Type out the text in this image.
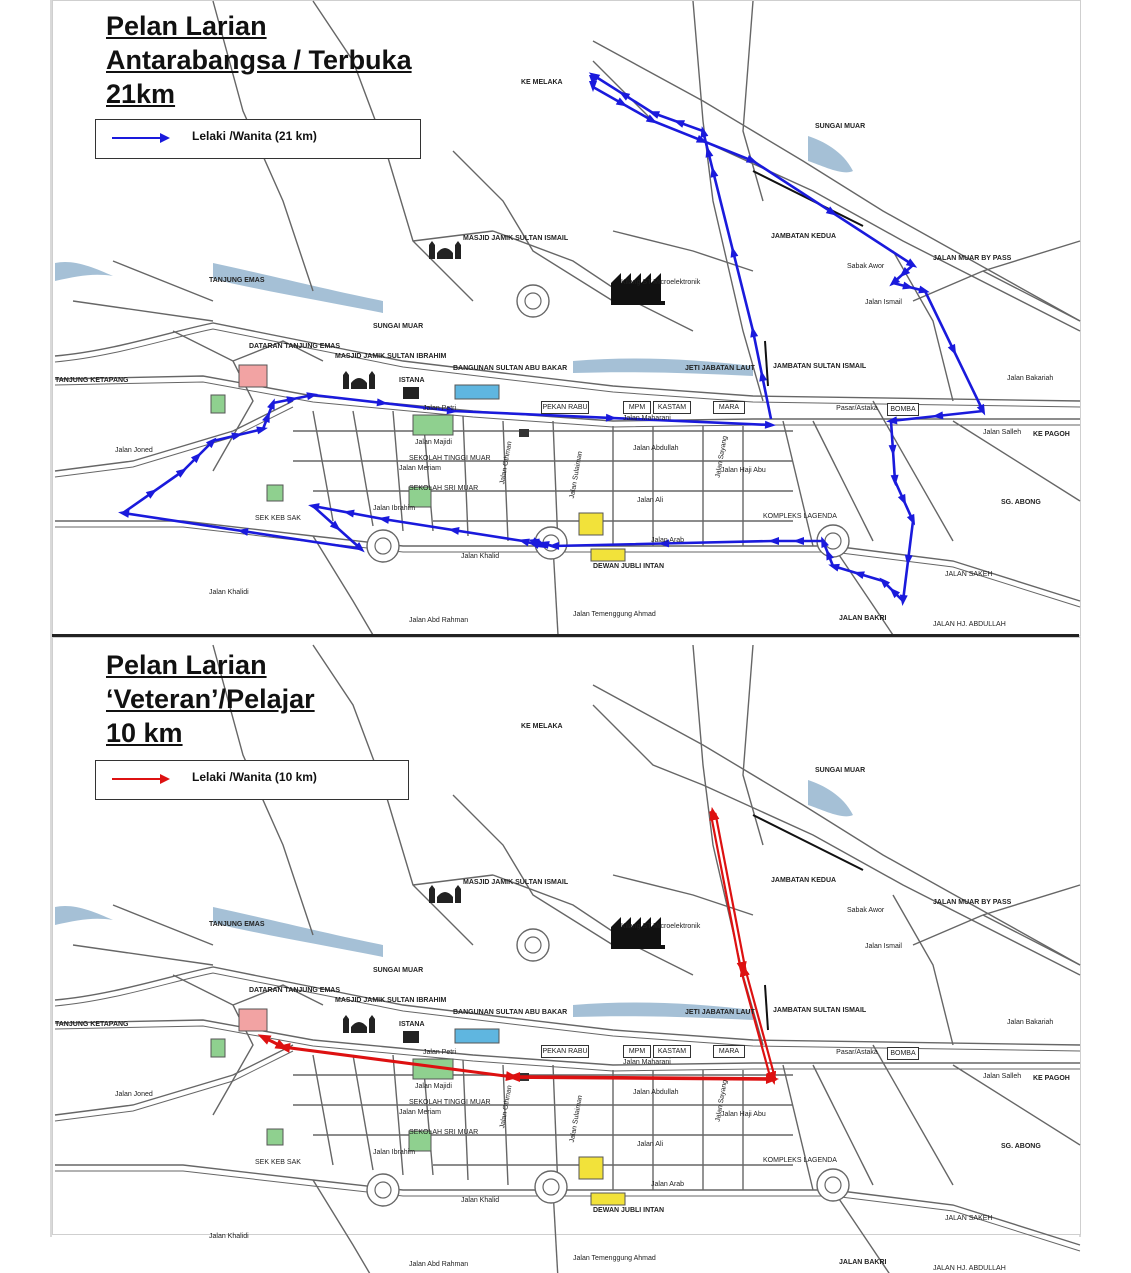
Pelan Larian
Antarabangsa / Terbuka
21km
Lelaki /Wanita (21 km)
KE MELAKA
SUNGAI MUAR
JAMBATAN KEDUA
JALAN MUAR BY PASS
Sabak Awor
Jalan Ismail
JAMBATAN SULTAN ISMAIL
Jalan Bakariah
Jalan Salleh KE PAGOH
SG. ABONG
JALAN SAKEH
JALAN BAKRI
JALAN HJ. ABDULLAH
Jalan Temenggung Ahmad
Jalan Abd Rahman
Jalan Khalidi
Jalan Joned
TANJUNG KETAPANG
TANJUNG EMAS
SUNGAI MUAR
DATARAN TANJUNG EMAS
MASJID JAMIK SULTAN IBRAHIM
MASJID JAMIK SULTAN ISMAIL
Kilang ST Microelektronik
ISTANA
BANGUNAN SULTAN ABU BAKAR	JETI JABATAN LAUT
Jalan Petri
Jalan Majidi
Jalan Meriam
Jalan Ibrahim
Jalan Maharani
Jalan Abdullah
Jalan Haji Abu
Jalan Ali
Jalan Arab
Jalan Khalid
SEKOLAH TINGGI MUAR
SEKOLAH SRI MUAR
SEK KEB SAK	KOMPLEKS LAGENDA
DEWAN JUBLI INTAN
Jalan Sulaiman
Jalan Othman	Jalan Sayang
PEKAN RABU	MPM	KASTAM	MARA	Pasar/Astaka	BOMBA
Pelan Larian
‘Veteran’/Pelajar
10 km
Lelaki /Wanita (10 km)
KE MELAKA
SUNGAI MUAR
JAMBATAN KEDUA
JALAN MUAR BY PASS
Sabak Awor
Jalan Ismail
JAMBATAN SULTAN ISMAIL
Jalan Bakariah
Jalan Salleh KE PAGOH
SG. ABONG
JALAN SAKEH
JALAN BAKRI
JALAN HJ. ABDULLAH
Jalan Temenggung Ahmad
Jalan Abd Rahman
Jalan Khalidi
Jalan Joned
TANJUNG KETAPANG
TANJUNG EMAS
SUNGAI MUAR
DATARAN TANJUNG EMAS
MASJID JAMIK SULTAN IBRAHIM
MASJID JAMIK SULTAN ISMAIL
Kilang ST Microelektronik
ISTANA
BANGUNAN SULTAN ABU BAKAR	JETI JABATAN LAUT
Jalan Petri
Jalan Majidi
Jalan Meriam
Jalan Ibrahim
Jalan Maharani
Jalan Abdullah
Jalan Haji Abu
Jalan Ali
Jalan Arab
Jalan Khalid
SEKOLAH TINGGI MUAR
SEKOLAH SRI MUAR
SEK KEB SAK	KOMPLEKS LAGENDA
DEWAN JUBLI INTAN
Jalan Sulaiman
Jalan Othman	Jalan Sayang
PEKAN RABU	MPM	KASTAM	MARA	Pasar/Astaka	BOMBA
